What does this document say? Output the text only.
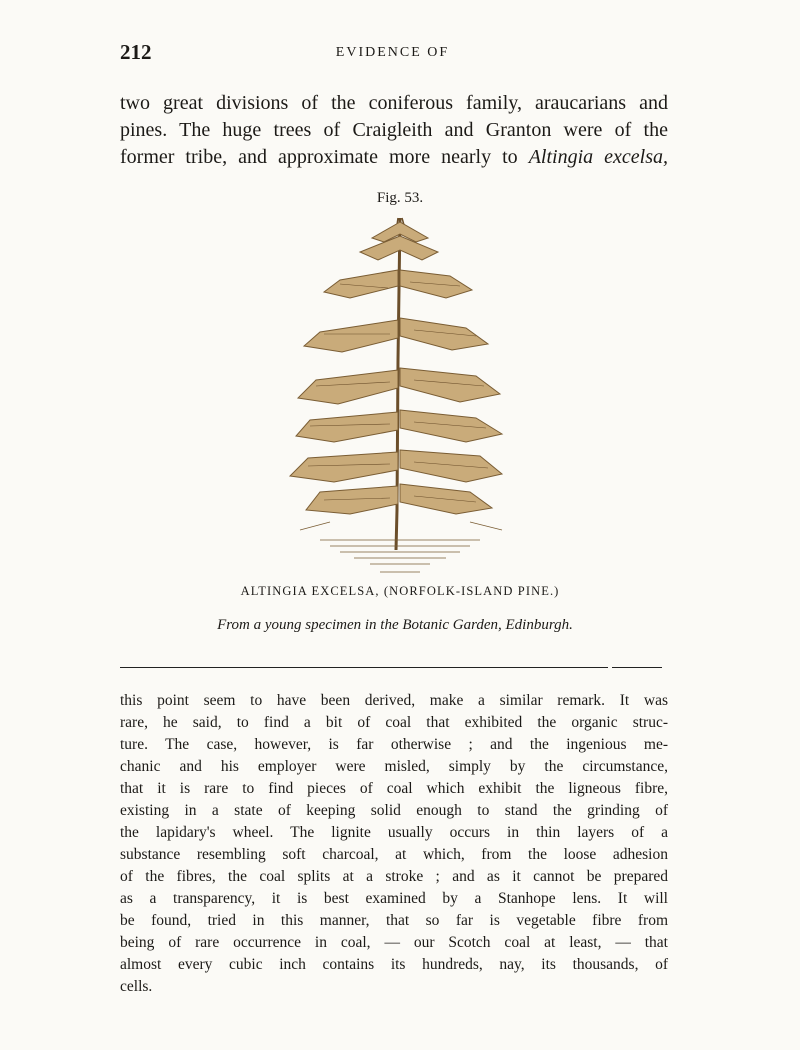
212	EVIDENCE OF
two great divisions of the coniferous family, araucarians and
pines. The huge trees of Craigleith and Granton were of the
former tribe, and approximate more nearly to Altingia excelsa,
Fig. 53.
ALTINGIA EXCELSA, (NORFOLK-ISLAND PINE.)
From a young specimen in the Botanic Garden, Edinburgh.
this point seem to have been derived, make a similar remark. It was
rare, he said, to find a bit of coal that exhibited the organic struc-
ture. The case, however, is far otherwise ; and the ingenious me-
chanic and his employer were misled, simply by the circumstance,
that it is rare to find pieces of coal which exhibit the ligneous fibre,
existing in a state of keeping solid enough to stand the grinding of
the lapidary's wheel. The lignite usually occurs in thin layers of a
substance resembling soft charcoal, at which, from the loose adhesion
of the fibres, the coal splits at a stroke ; and as it cannot be prepared
as a transparency, it is best examined by a Stanhope lens. It will
be found, tried in this manner, that so far is vegetable fibre from
being of rare occurrence in coal, — our Scotch coal at least, — that
almost every cubic inch contains its hundreds, nay, its thousands, of
cells.
